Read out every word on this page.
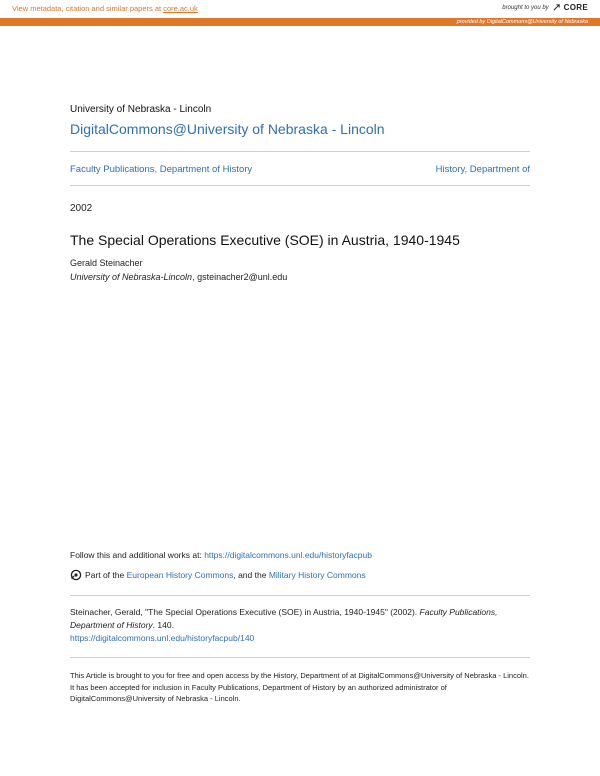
View metadata, citation and similar papers at core.ac.uk	brought to you by CORE
provided by DigitalCommons@University of Nebraska
University of Nebraska - Lincoln
DigitalCommons@University of Nebraska - Lincoln
Faculty Publications, Department of History	History, Department of
2002
The Special Operations Executive (SOE) in Austria, 1940-1945
Gerald Steinacher
University of Nebraska-Lincoln, gsteinacher2@unl.edu
Follow this and additional works at: https://digitalcommons.unl.edu/historyfacpub
Part of the European History Commons, and the Military History Commons
Steinacher, Gerald, "The Special Operations Executive (SOE) in Austria, 1940-1945" (2002). Faculty Publications, Department of History. 140.
https://digitalcommons.unl.edu/historyfacpub/140
This Article is brought to you for free and open access by the History, Department of at DigitalCommons@University of Nebraska - Lincoln. It has been accepted for inclusion in Faculty Publications, Department of History by an authorized administrator of DigitalCommons@University of Nebraska - Lincoln.
